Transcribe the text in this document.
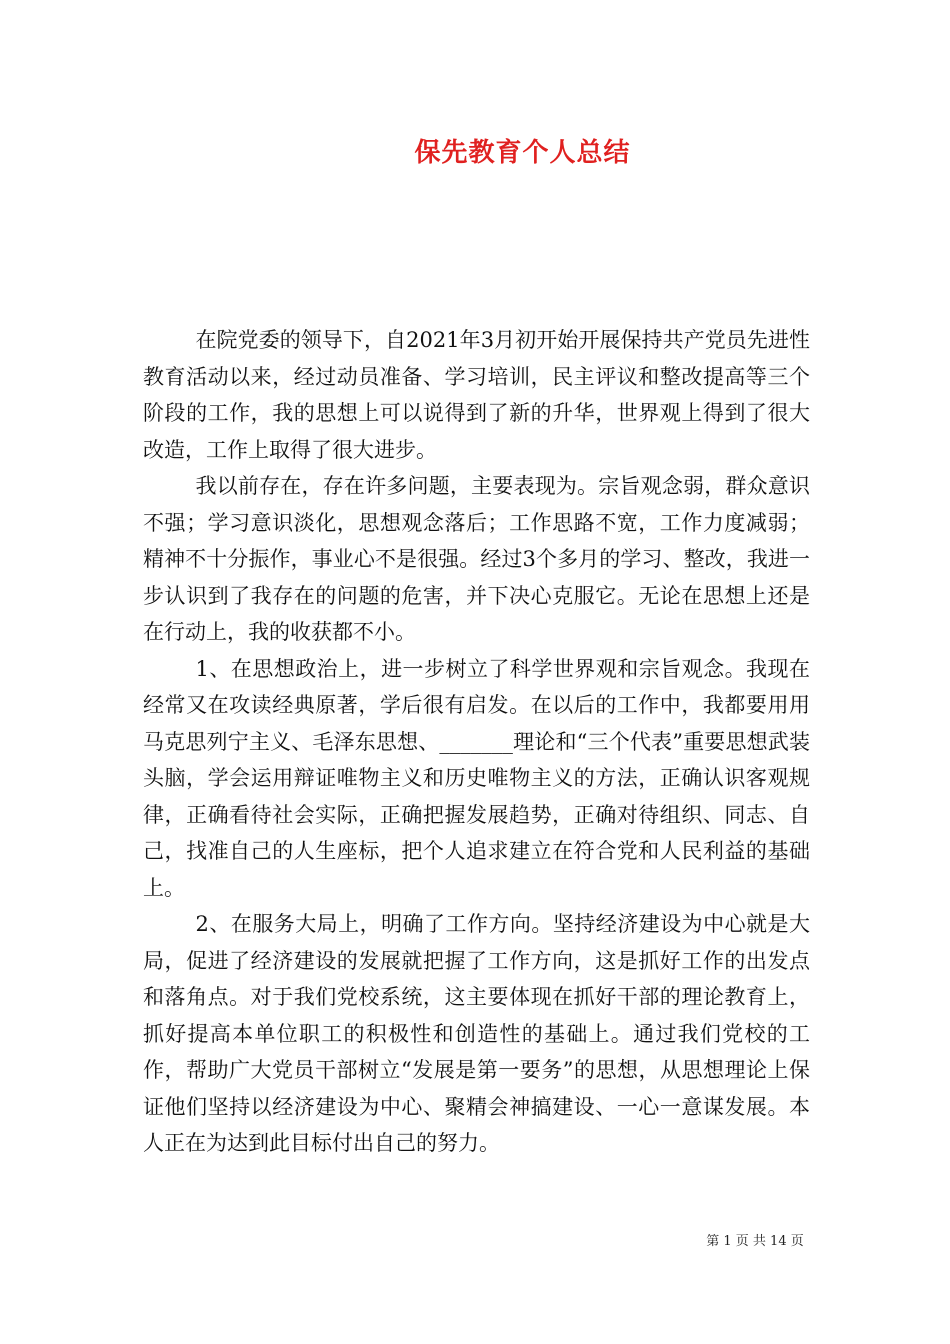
保先教育个人总结

在院党委的领导下，自2021年3月初开始开展保持共产党员先进性教育活动以来，经过动员准备、学习培训，民主评议和整改提高等三个阶段的工作，我的思想上可以说得到了新的升华，世界观上得到了很大改造，工作上取得了很大进步。

我以前存在，存在许多问题，主要表现为。宗旨观念弱，群众意识不强；学习意识淡化，思想观念落后；工作思路不宽，工作力度减弱；精神不十分振作，事业心不是很强。经过3个多月的学习、整改，我进一步认识到了我存在的问题的危害，并下决心克服它。无论在思想上还是在行动上，我的收获都不小。

1、在思想政治上，进一步树立了科学世界观和宗旨观念。我现在经常又在攻读经典原著，学后很有启发。在以后的工作中，我都要用用马克思列宁主义、毛泽东思想、_______理论和“三个代表”重要思想武装头脑，学会运用辩证唯物主义和历史唯物主义的方法，正确认识客观规律，正确看待社会实际，正确把握发展趋势，正确对待组织、同志、自己，找准自己的人生座标，把个人追求建立在符合党和人民利益的基础上。

2、在服务大局上，明确了工作方向。坚持经济建设为中心就是大局，促进了经济建设的发展就把握了工作方向，这是抓好工作的出发点和落角点。对于我们党校系统，这主要体现在抓好干部的理论教育上，抓好提高本单位职工的积极性和创造性的基础上。通过我们党校的工作，帮助广大党员干部树立“发展是第一要务”的思想，从思想理论上保证他们坚持以经济建设为中心、聚精会神搞建设、一心一意谋发展。本人正在为达到此目标付出自己的努力。

第 1 页 共 14 页
